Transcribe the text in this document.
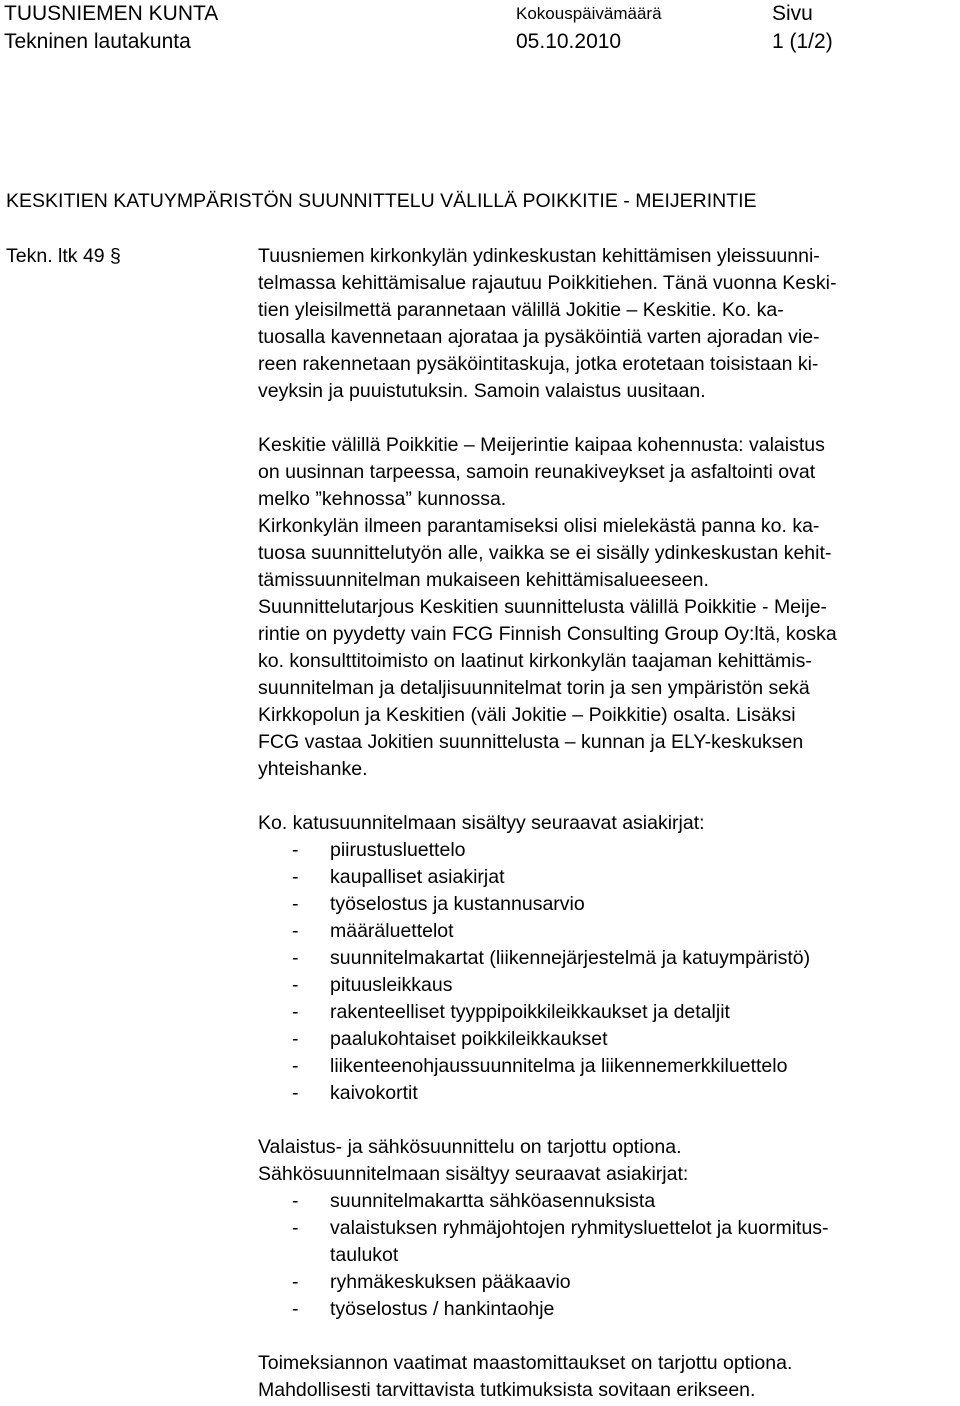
TUUSNIEMEN KUNTA
Tekninen lautakunta
Kokouspäivämäärä
05.10.2010
Sivu
1 (1/2)
KESKITIEN KATUYMPÄRISTÖN SUUNNITTELU VÄLILLÄ POIKKITIE - MEIJERINTIE
Tekn. ltk 49 §	Tuusniemen kirkonkylän ydinkeskustan kehittämisen yleissuunni-
telmassa kehittämisalue rajautuu Poikkitiehen. Tänä vuonna Keski-
tien yleisilmettä parannetaan välillä Jokitie – Keskitie. Ko. ka-
tuosalla kavennetaan ajorataa ja pysäköintiä varten ajoradan vie-
reen rakennetaan pysäköintitaskuja, jotka erotetaan toisistaan ki-
veyksin ja puuistutuksin. Samoin valaistus uusitaan.

Keskitie välillä Poikkitie – Meijerintie kaipaa kohennusta: valaistus
on uusinnan tarpeessa, samoin reunakiveykset ja asfaltointi ovat
melko ”kehnossa” kunnossa.
Kirkonkylän ilmeen parantamiseksi olisi mielekästä panna ko. ka-
tuosa suunnittelutyön alle, vaikka se ei sisälly ydinkeskustan kehit-
tämissuunnitelman mukaiseen kehittämisalueeseen.
Suunnittelutarjous Keskitien suunnittelusta välillä Poikkitie - Meije-
rintie on pyydetty vain FCG Finnish Consulting Group Oy:ltä, koska
ko. konsulttitoimisto on laatinut kirkonkylän taajaman kehittämis-
suunnitelman ja detaljisuunnitelmat torin ja sen ympäristön sekä
Kirkkopolun ja Keskitien (väli Jokitie – Poikkitie) osalta. Lisäksi
FCG vastaa Jokitien suunnittelusta – kunnan ja ELY-keskuksen
yhteishanke.

Ko. katusuunnitelmaan sisältyy seuraavat asiakirjat:

- piirustusluettelo
- kaupalliset asiakirjat
- työselostus ja kustannusarvio
- määräluettelot
- suunnitelmakartat (liikennejärjestelmä ja katuympäristö)
- pituusleikkaus
- rakenteelliset tyyppipoikkileikkaukset ja detaljit
- paalukohtaiset poikkileikkaukset
- liikenteenohjaussuunnitelma ja liikennemerkkiluettelo
- kaivokortit

Valaistus- ja sähkösuunnittelu on tarjottu optiona.
Sähkösuunnitelmaan sisältyy seuraavat asiakirjat:

- suunnitelmakartta sähköasennuksista
- valaistuksen ryhmäjohtojen ryhmitysluettelot ja kuormitus-
taulukot
- ryhmäkeskuksen pääkaavio
- työselostus / hankintaohje

Toimeksiannon vaatimat maastomittaukset on tarjottu optiona.
Mahdollisesti tarvittavista tutkimuksista sovitaan erikseen.
